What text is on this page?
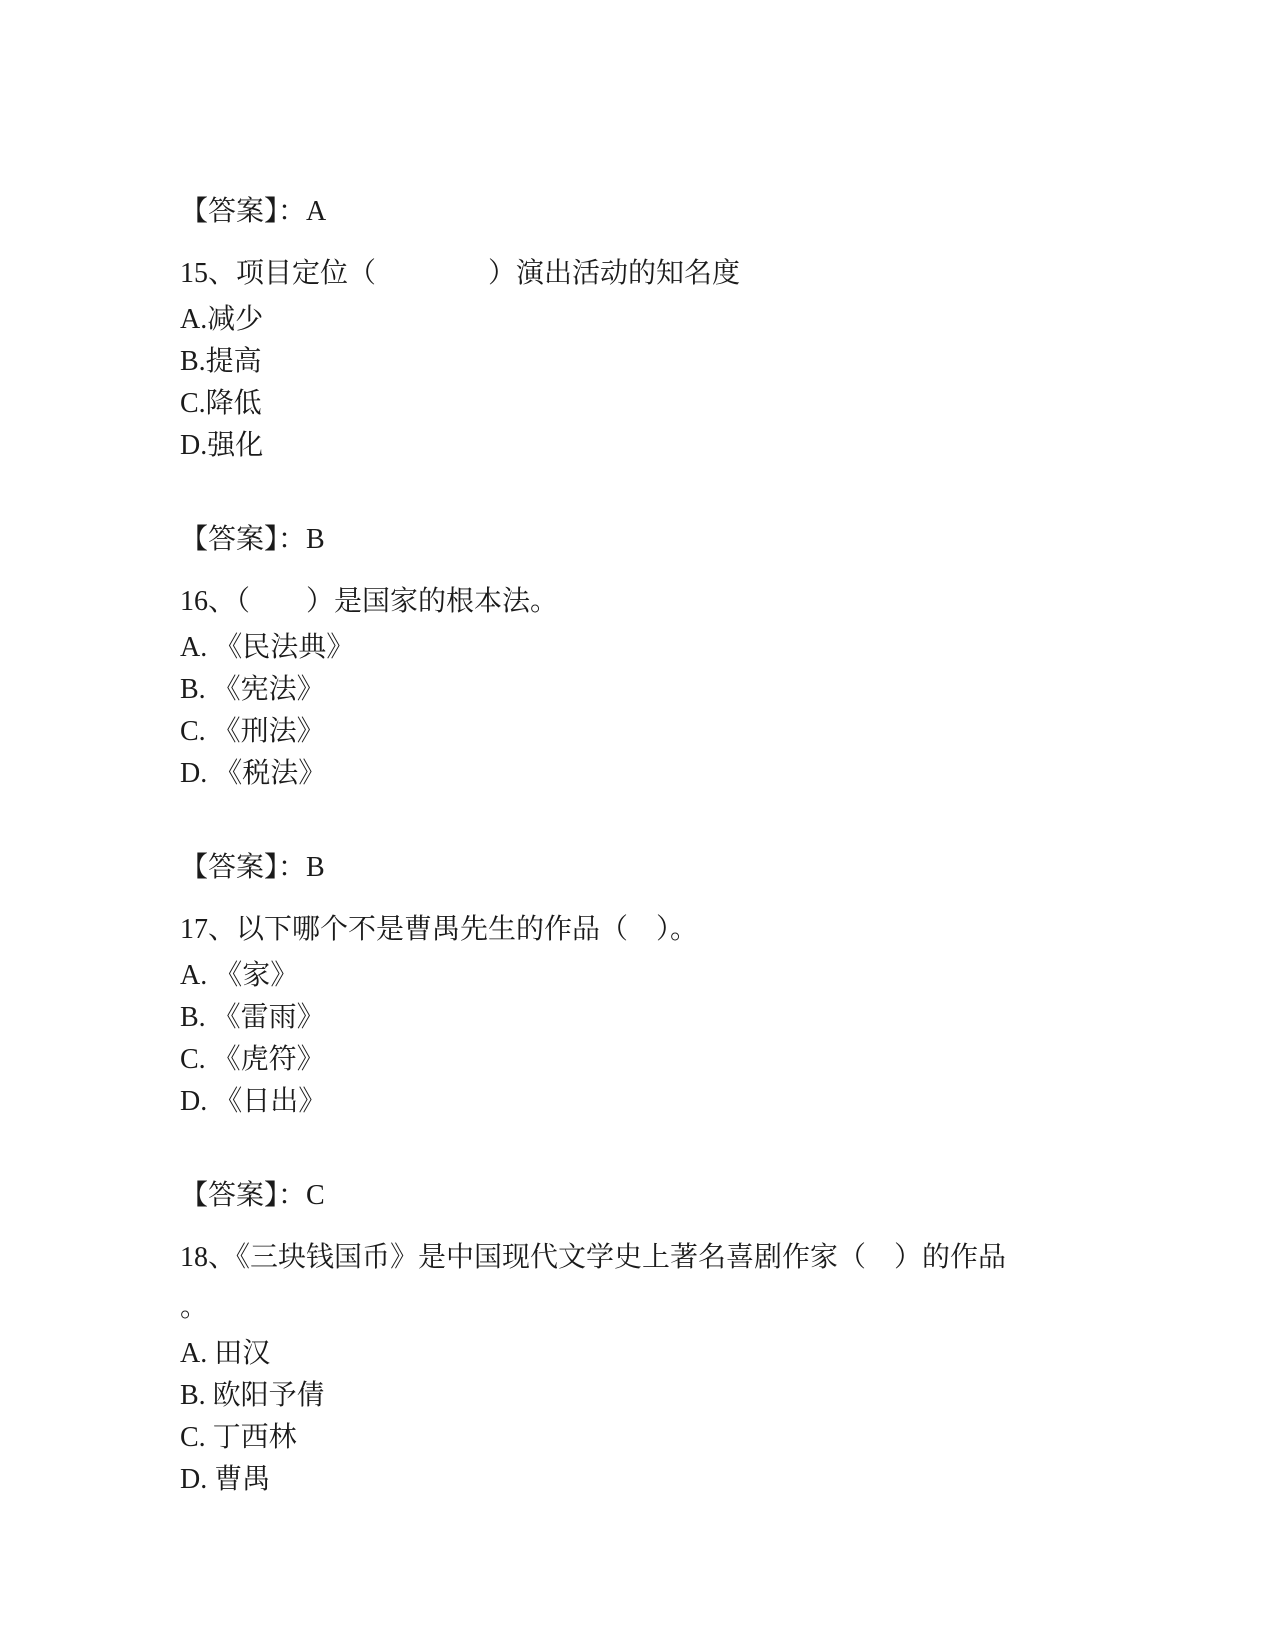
【答案】：A

15、项目定位（　　　　）演出活动的知名度

A.减少

B.提高

C.降低

D.强化

【答案】：B

16、（　　）是国家的根本法。

A. 《民法典》

B. 《宪法》

C. 《刑法》

D. 《税法》

【答案】：B

17、以下哪个不是曹禺先生的作品（　）。

A. 《家》

B. 《雷雨》

C. 《虎符》

D. 《日出》

【答案】：C

18、《三块钱国币》是中国现代文学史上著名喜剧作家（　）的作品

。

A. 田汉

B. 欧阳予倩

C. 丁西林

D. 曹禺
